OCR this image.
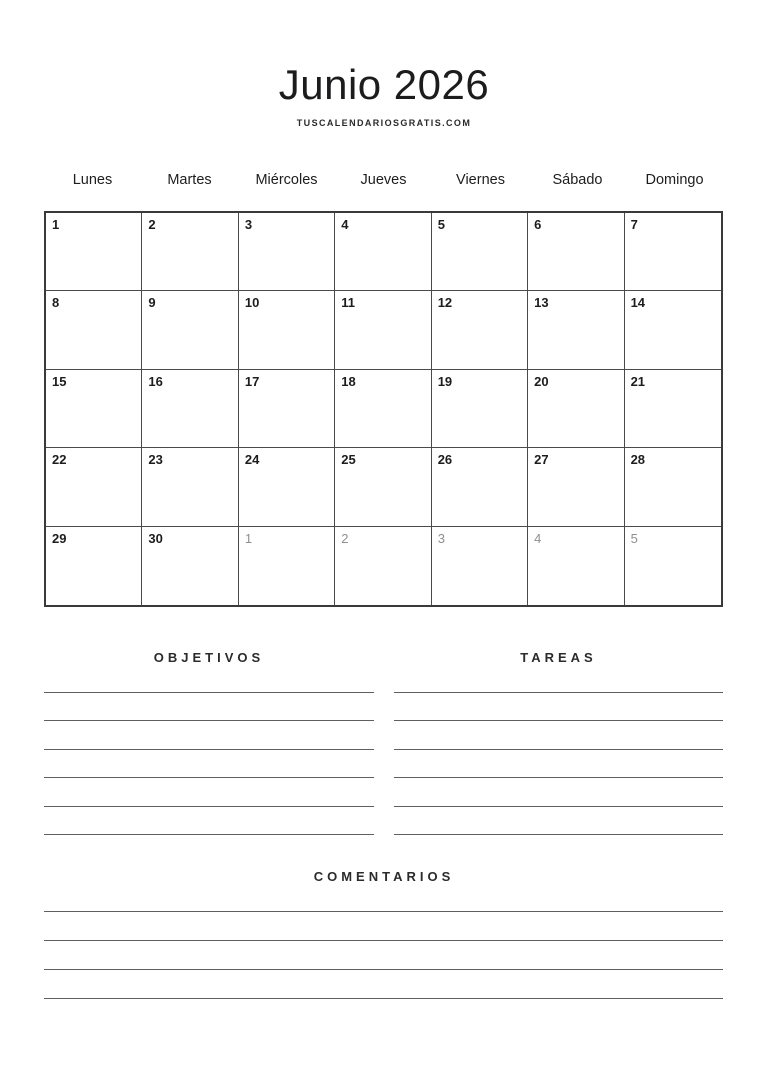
Junio 2026
TUSCALENDARIOSGRATIS.COM
Lunes	Martes	Miércoles	Jueves	Viernes	Sábado	Domingo
1	2	3	4	5	6	7
8	9	10	11	12	13	14
15	16	17	18	19	20	21
22	23	24	25	26	27	28
29	30	1	2	3	4	5
OBJETIVOS	TAREAS
COMENTARIOS
